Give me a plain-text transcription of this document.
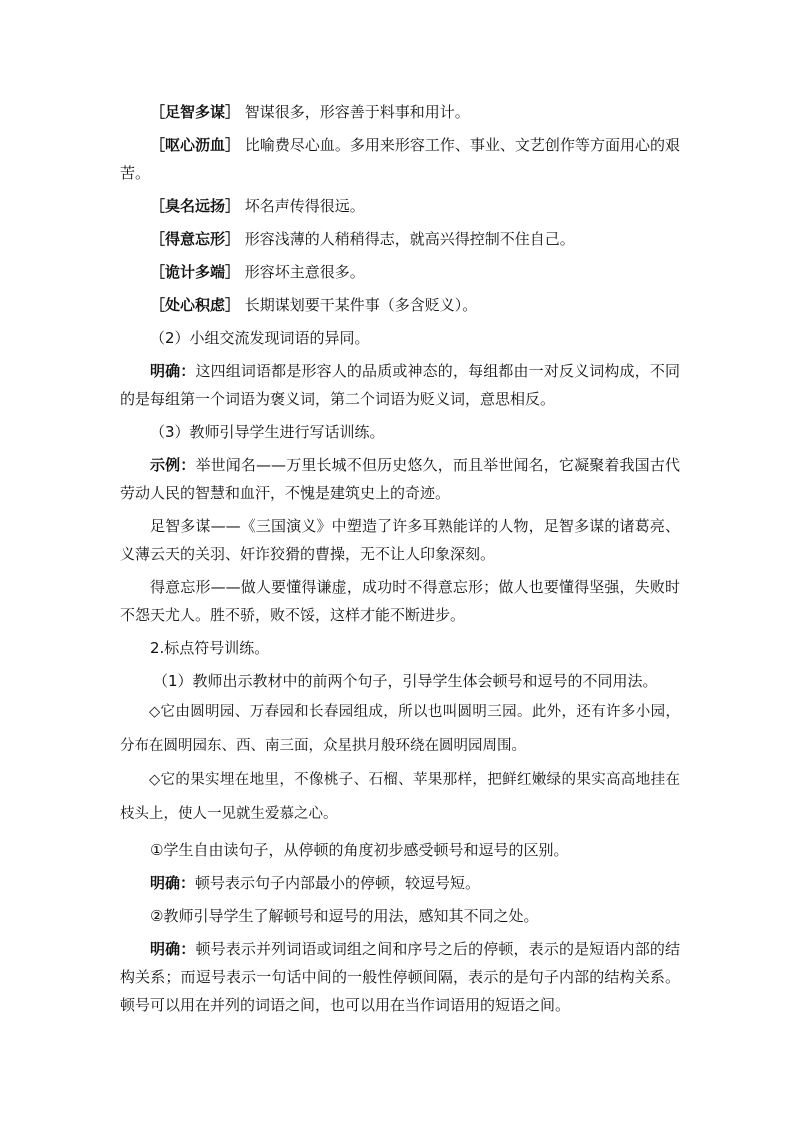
［足智多谋］ 智谋很多，形容善于料事和用计。

［呕心沥血］ 比喻费尽心血。多用来形容工作、事业、文艺创作等方面用心的艰苦。

［臭名远扬］ 坏名声传得很远。

［得意忘形］ 形容浅薄的人稍稍得志，就高兴得控制不住自己。

［诡计多端］ 形容坏主意很多。

［处心积虑］ 长期谋划要干某件事（多含贬义）。

（2）小组交流发现词语的异同。

明确：这四组词语都是形容人的品质或神态的，每组都由一对反义词构成，不同的是每组第一个词语为褒义词，第二个词语为贬义词，意思相反。

（3）教师引导学生进行写话训练。

示例：举世闻名——万里长城不但历史悠久，而且举世闻名，它凝聚着我国古代劳动人民的智慧和血汗，不愧是建筑史上的奇迹。

足智多谋——《三国演义》中塑造了许多耳熟能详的人物，足智多谋的诸葛亮、义薄云天的关羽、奸诈狡猾的曹操，无不让人印象深刻。

得意忘形——做人要懂得谦虚，成功时不得意忘形；做人也要懂得坚强，失败时不怨天尤人。胜不骄，败不馁，这样才能不断进步。

2.标点符号训练。

（1）教师出示教材中的前两个句子，引导学生体会顿号和逗号的不同用法。

◇它由圆明园、万春园和长春园组成，所以也叫圆明三园。此外，还有许多小园，分布在圆明园东、西、南三面，众星拱月般环绕在圆明园周围。

◇它的果实埋在地里，不像桃子、石榴、苹果那样，把鲜红嫩绿的果实高高地挂在枝头上，使人一见就生爱慕之心。

①学生自由读句子，从停顿的角度初步感受顿号和逗号的区别。

明确：顿号表示句子内部最小的停顿，较逗号短。

②教师引导学生了解顿号和逗号的用法，感知其不同之处。

明确：顿号表示并列词语或词组之间和序号之后的停顿，表示的是短语内部的结构关系；而逗号表示一句话中间的一般性停顿间隔，表示的是句子内部的结构关系。顿号可以用在并列的词语之间，也可以用在当作词语用的短语之间。
